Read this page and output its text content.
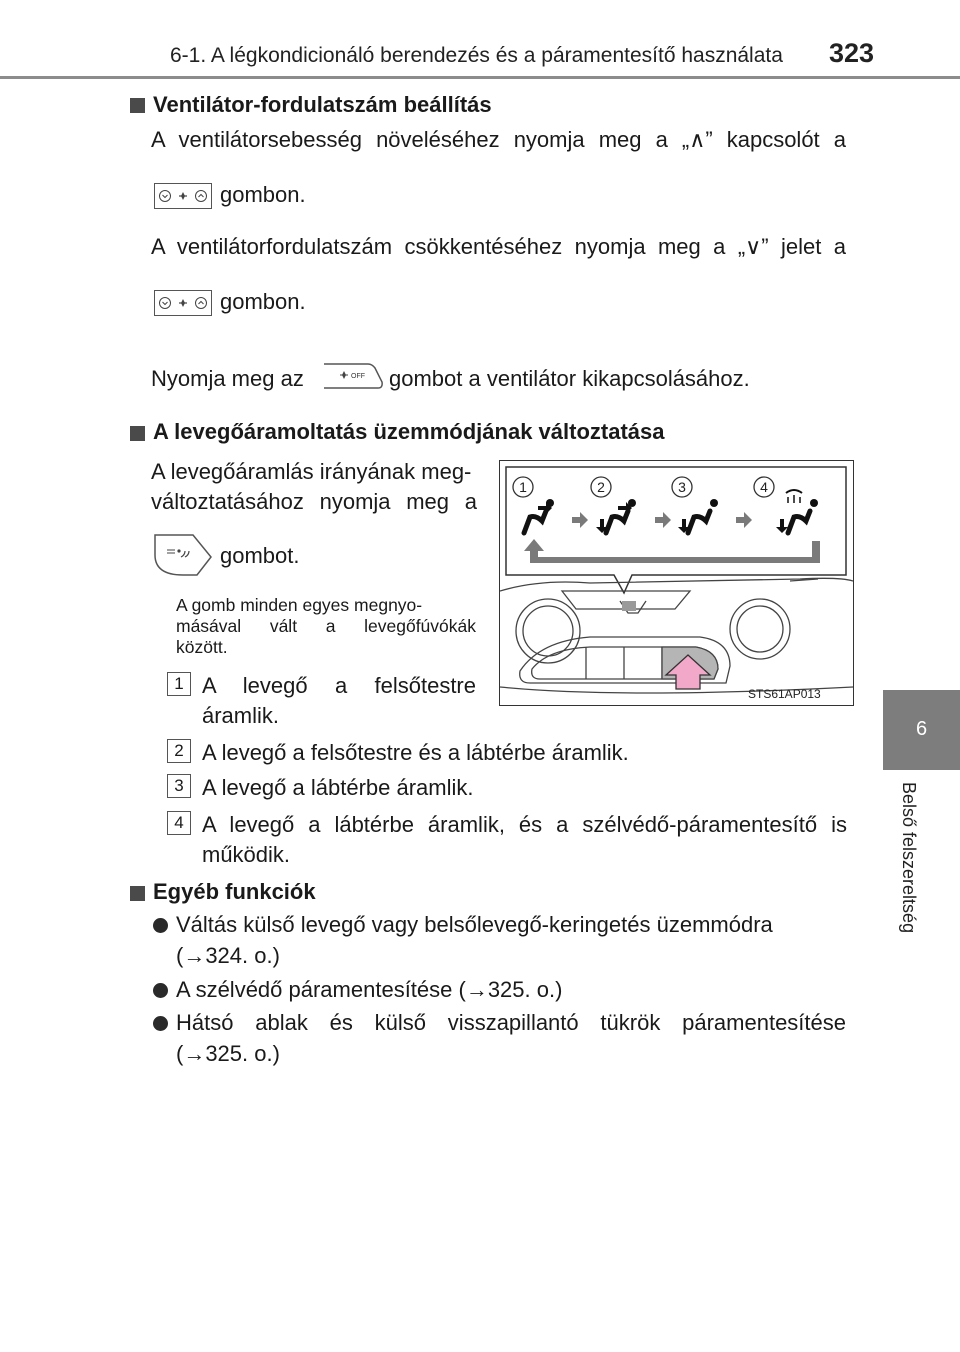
6-1. A légkondicionáló berendezés és a páramentesítő használata 323
6
Belső felszereltség
Ventilátor-fordulatszám beállítás
A ventilátorsebesség növeléséhez nyomja meg a „∧” kapcsolót a
gombon.
A ventilátorfordulatszám csökkentéséhez nyomja meg a „∨” jelet a
gombon.
Nyomja meg az	OFF gombot a ventilátor kikapcsolásához.
A levegőáramoltatás üzemmódjának változtatása
A levegőáramlás irányának meg-
változtatásához nyomja meg a
gombot.
A gomb minden egyes megnyo-
másával vált a levegőfúvókák
között.
1	2	3	4
STS61AP013
1 A levegő a felsőtestre
áramlik.
2 A levegő a felsőtestre és a lábtérbe áramlik.
3 A levegő a lábtérbe áramlik.
4 A levegő a lábtérbe áramlik, és a szélvédő-páramentesítő is
működik.
Egyéb funkciók
Váltás külső levegő vagy belsőlevegő-keringetés üzemmódra
(→324. o.)
A szélvédő páramentesítése (→325. o.)
Hátsó ablak és külső visszapillantó tükrök páramentesítése
(→325. o.)
